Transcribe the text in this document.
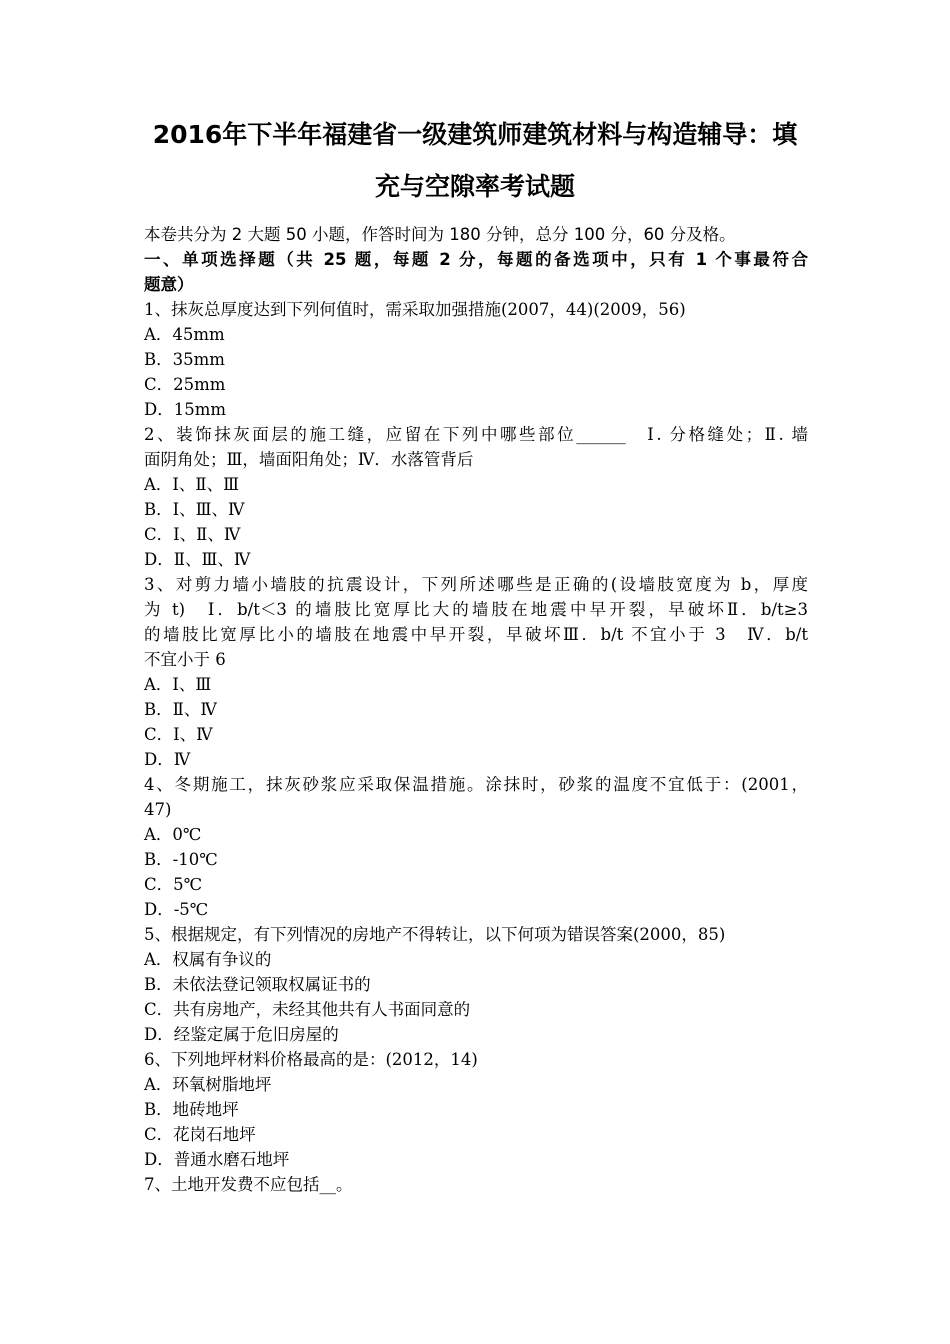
2016年下半年福建省一级建筑师建筑材料与构造辅导：填
充与空隙率考试题
本卷共分为 2 大题 50 小题，作答时间为 180 分钟，总分 100 分，60 分及格。
一、单项选择题（共 25 题，每题 2 分，每题的备选项中，只有 1 个事最符合
题意）
1、抹灰总厚度达到下列何值时，需采取加强措施(2007，44)(2009，56)
A．45mm
B．35mm
C．25mm
D．15mm
2、装饰抹灰面层的施工缝，应留在下列中哪些部位______　Ⅰ. 分格缝处；Ⅱ. 墙
面阴角处；Ⅲ，墙面阳角处；Ⅳ．水落管背后
A．Ⅰ、Ⅱ、Ⅲ
B．Ⅰ、Ⅲ、Ⅳ
C．Ⅰ、Ⅱ、Ⅳ
D．Ⅱ、Ⅲ、Ⅳ
3、对剪力墙小墙肢的抗震设计，下列所述哪些是正确的(设墙肢宽度为 b，厚度
为 t)　Ⅰ．b/t＜3 的墙肢比宽厚比大的墙肢在地震中早开裂，早破坏Ⅱ．b/t≥3
的墙肢比宽厚比小的墙肢在地震中早开裂，早破坏Ⅲ．b/t 不宜小于 3　Ⅳ．b/t
不宜小于 6
A．Ⅰ、Ⅲ
B．Ⅱ、Ⅳ
C．Ⅰ、Ⅳ
D．Ⅳ
4、冬期施工，抹灰砂浆应采取保温措施。涂抹时，砂浆的温度不宜低于：(2001，
47)
A．0℃
B．-10℃
C．5℃
D．-5℃
5、根据规定，有下列情况的房地产不得转让，以下何项为错误答案(2000，85)
A．权属有争议的
B．未依法登记领取权属证书的
C．共有房地产，未经其他共有人书面同意的
D．经鉴定属于危旧房屋的
6、下列地坪材料价格最高的是：(2012，14)
A．环氧树脂地坪
B．地砖地坪
C．花岗石地坪
D．普通水磨石地坪
7、土地开发费不应包括__。
